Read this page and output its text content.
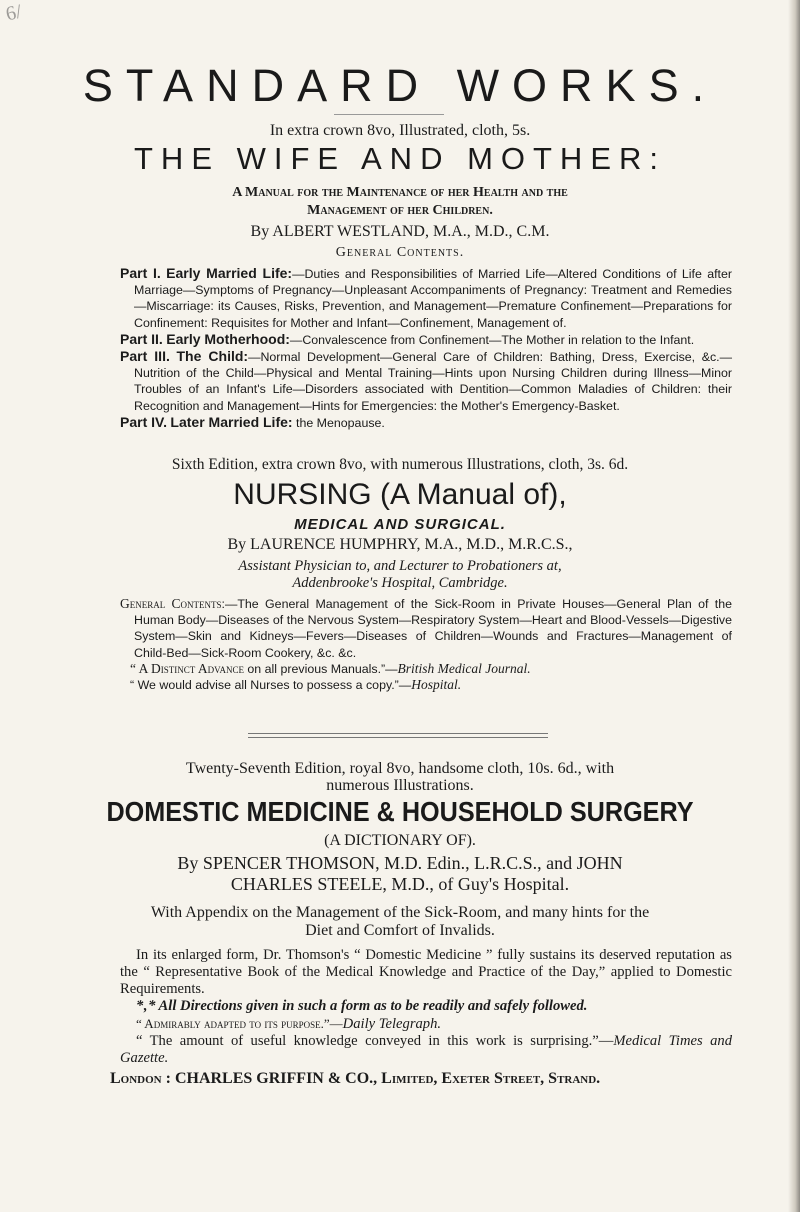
6/
STANDARD WORKS.
In extra crown 8vo, Illustrated, cloth, 5s.
THE WIFE AND MOTHER:
A Manual for the Maintenance of her Health and the
Management of her Children.
By ALBERT WESTLAND, M.A., M.D., C.M.
General Contents.

Part I. Early Married Life:—Duties and Responsibilities of Married Life—Altered Conditions of Life after Marriage—Symptoms of Pregnancy—Unpleasant Accompaniments of Pregnancy: Treatment and Remedies—Miscarriage: its Causes, Risks, Prevention, and Management—Premature Confinement—Preparations for Confinement: Requisites for Mother and Infant—Confinement, Management of.

Part II. Early Motherhood:—Convalescence from Confinement—The Mother in relation to the Infant.

Part III. The Child:—Normal Development—General Care of Children: Bathing, Dress, Exercise, &c.—Nutrition of the Child—Physical and Mental Training—Hints upon Nursing Children during Illness—Minor Troubles of an Infant's Life—Disorders associated with Dentition—Common Maladies of Children: their Recognition and Management—Hints for Emergencies: the Mother's Emergency-Basket.

Part IV. Later Married Life: the Menopause.

Sixth Edition, extra crown 8vo, with numerous Illustrations, cloth, 3s. 6d.
NURSING (A Manual of),
MEDICAL AND SURGICAL.
By LAURENCE HUMPHRY, M.A., M.D., M.R.C.S.,
Assistant Physician to, and Lecturer to Probationers at,
Addenbrooke's Hospital, Cambridge.

General Contents:—The General Management of the Sick-Room in Private Houses—General Plan of the Human Body—Diseases of the Nervous System—Respiratory System—Heart and Blood-Vessels—Digestive System—Skin and Kidneys—Fevers—Diseases of Children—Wounds and Fractures—Management of Child-Bed—Sick-Room Cookery, &c. &c.

“ A Distinct Advance on all previous Manuals.”—British Medical Journal.

“ We would advise all Nurses to possess a copy.”—Hospital.

Twenty-Seventh Edition, royal 8vo, handsome cloth, 10s. 6d., with
numerous Illustrations.
DOMESTIC MEDICINE & HOUSEHOLD SURGERY
(A DICTIONARY OF).
By SPENCER THOMSON, M.D. Edin., L.R.C.S., and JOHN
CHARLES STEELE, M.D., of Guy's Hospital.
With Appendix on the Management of the Sick-Room, and many hints for the
Diet and Comfort of Invalids.

In its enlarged form, Dr. Thomson's “ Domestic Medicine ” fully sustains its deserved reputation as the “ Representative Book of the Medical Knowledge and Practice of the Day,” applied to Domestic Requirements.

*‚* All Directions given in such a form as to be readily and safely followed.

“ Admirably adapted to its purpose.”—Daily Telegraph.

“ The amount of useful knowledge conveyed in this work is surprising.”—Medical Times and Gazette.

London : CHARLES GRIFFIN & CO., Limited, Exeter Street, Strand.
